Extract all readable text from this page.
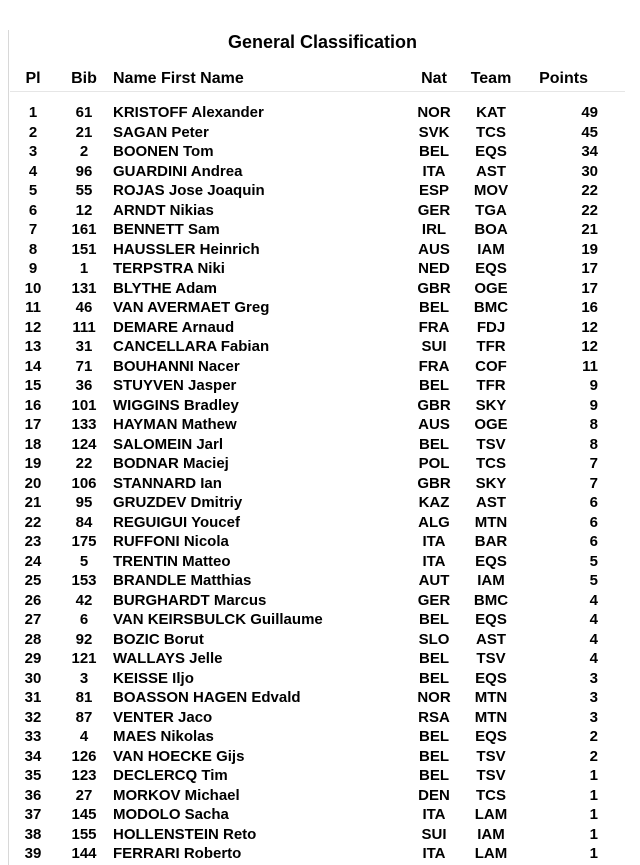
General Classification
Pl	Bib	Name First Name	Nat	Team	Points
1	61	KRISTOFF Alexander	NOR	KAT	49
2	21	SAGAN Peter	SVK	TCS	45
3	2	BOONEN Tom	BEL	EQS	34
4	96	GUARDINI Andrea	ITA	AST	30
5	55	ROJAS Jose Joaquin	ESP	MOV	22
6	12	ARNDT Nikias	GER	TGA	22
7	161	BENNETT Sam	IRL	BOA	21
8	151	HAUSSLER Heinrich	AUS	IAM	19
9	1	TERPSTRA Niki	NED	EQS	17
10	131	BLYTHE Adam	GBR	OGE	17
11	46	VAN AVERMAET Greg	BEL	BMC	16
12	111	DEMARE Arnaud	FRA	FDJ	12
13	31	CANCELLARA Fabian	SUI	TFR	12
14	71	BOUHANNI Nacer	FRA	COF	11
15	36	STUYVEN Jasper	BEL	TFR	9
16	101	WIGGINS Bradley	GBR	SKY	9
17	133	HAYMAN Mathew	AUS	OGE	8
18	124	SALOMEIN Jarl	BEL	TSV	8
19	22	BODNAR Maciej	POL	TCS	7
20	106	STANNARD Ian	GBR	SKY	7
21	95	GRUZDEV Dmitriy	KAZ	AST	6
22	84	REGUIGUI Youcef	ALG	MTN	6
23	175	RUFFONI Nicola	ITA	BAR	6
24	5	TRENTIN Matteo	ITA	EQS	5
25	153	BRANDLE Matthias	AUT	IAM	5
26	42	BURGHARDT Marcus	GER	BMC	4
27	6	VAN KEIRSBULCK Guillaume	BEL	EQS	4
28	92	BOZIC Borut	SLO	AST	4
29	121	WALLAYS Jelle	BEL	TSV	4
30	3	KEISSE Iljo	BEL	EQS	3
31	81	BOASSON HAGEN Edvald	NOR	MTN	3
32	87	VENTER Jaco	RSA	MTN	3
33	4	MAES Nikolas	BEL	EQS	2
34	126	VAN HOECKE Gijs	BEL	TSV	2
35	123	DECLERCQ Tim	BEL	TSV	1
36	27	MORKOV Michael	DEN	TCS	1
37	145	MODOLO Sacha	ITA	LAM	1
38	155	HOLLENSTEIN Reto	SUI	IAM	1
39	144	FERRARI Roberto	ITA	LAM	1
